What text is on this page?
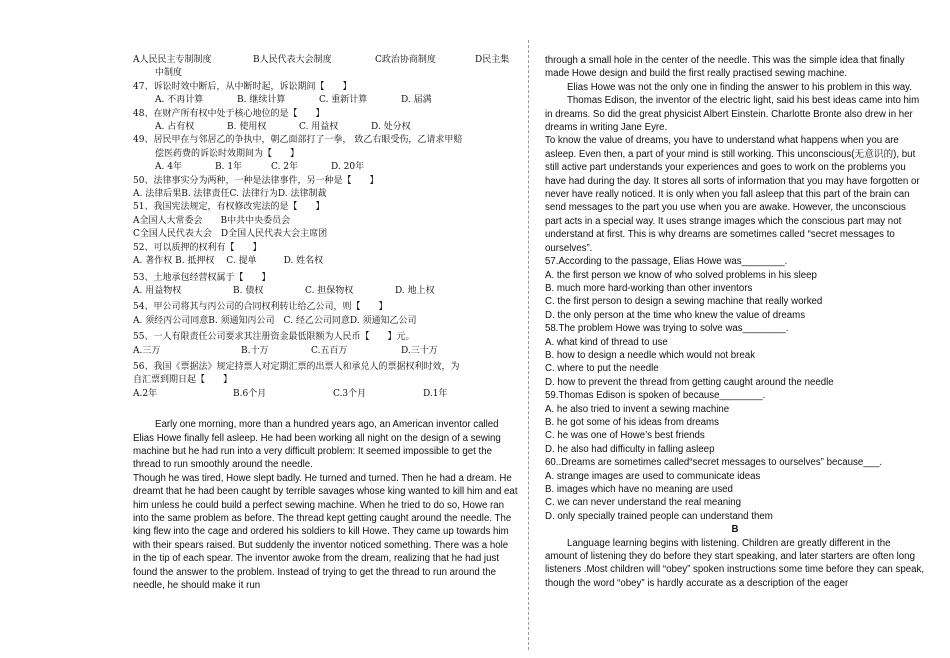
A人民民主专制制度	B人民代表大会制度	C政治协商制度	D民主集
中制度
47、诉讼时效中断后，从中断时起，诉讼期间【　　】
A. 不再计算	B. 继续计算	C. 重新计算	D. 届满
48、在财产所有权中处于核心地位的是【　　】
A. 占有权	B. 使用权	C. 用益权	D. 处分权
49、居民甲在与邻居乙的争执中，朝乙面部打了一拳， 致乙右眼受伤，乙请求甲赔
偿医药费的诉讼时效期间为【　　】
A. 4年	B. 1年	C. 2年	D. 20年
50、法律事实分为两种，一种是法律事件，另一种是【　　】
A. 法律后果B. 法律责任C. 法律行为D. 法律制裁
51、我国宪法规定，有权修改宪法的是【　　】
A全国人大常委会　　B中共中央委员会
C全国人民代表大会　D全国人民代表大会主席团
52、可以质押的权利有【　　】
A. 著作权 B. 抵押权　 C. 提单　　　D. 姓名权
53、土地承包经营权属于【　　】
A. 用益物权	B. 债权	C. 担保物权	D. 地上权
54、甲公司将其与丙公司的合同权利转让给乙公司，则【　　】
A. 须经丙公司同意B. 须通知丙公司　C. 经乙公司同意D. 须通知乙公司
55、一人有限责任公司要求其注册资金最低限额为人民币【　　】元。
A.三万	B.十万	C.五百万	D.三十万
56、我国《票据法》规定持票人对定期汇票的出票人和承兑人的票据权利时效，为
自汇票到期日起【　　】
A.2年	B.6个月	C.3个月	D.1年
Early one morning, more than a hundred years ago, an American inventor called Elias Howe finally fell asleep. He had been working all night on the design of a sewing machine but he had run into a very difficult problem: It seemed impossible to get the thread to run smoothly around the needle.
Though he was tired, Howe slept badly. He turned and turned. Then he had a dream. He dreamt that he had been caught by terrible savages whose king wanted to kill him and eat him unless he could build a perfect sewing machine. When he tried to do so, Howe ran into the same problem as before. The thread kept getting caught around the needle. The king flew into the cage and ordered his soldiers to kill Howe. They came up towards him with their spears raised. But suddenly the inventor noticed something. There was a hole in the tip of each spear. The inventor awoke from the dream, realizing that he had just found the answer to the problem. Instead of trying to get the thread to run around the needle, he should make it run
through a small hole in the center of the needle. This was the simple idea that finally made Howe design and build the first really practised sewing machine.
Elias Howe was not the only one in finding the answer to his problem in this way.
Thomas Edison, the inventor of the electric light, said his best ideas came into him in dreams. So did the great physicist Albert Einstein. Charlotte Bronte also drew in her dreams in writing Jane Eyre.
To know the value of dreams, you have to understand what happens when you are asleep. Even then, a part of your mind is still working. This unconscious(无意识的), but still active part understands your experiences and goes to work on the problems you have had during the day. It stores all sorts of information that you may have forgotten or never have really noticed. It is only when you fall asleep that this part of the brain can send messages to the part you use when you are awake. However, the unconscious part acts in a special way. It uses strange images which the conscious part may not understand at first. This is why dreams are sometimes called “secret messages to ourselves”.
57.According to the passage, Elias Howe was________.
A. the first person we know of who solved problems in his sleep
B. much more hard-working than other inventors
C. the first person to design a sewing machine that really worked
D. the only person at the time who knew the value of dreams
58.The problem Howe was trying to solve was________.
A. what kind of thread to use
B. how to design a needle which would not break
C. where to put the needle
D. how to prevent the thread from getting caught around the needle
59.Thomas Edison is spoken of because________.
A. he also tried to invent a sewing machine
B. he got some of his ideas from dreams
C. he was one of Howe’s best friends
D. he also had difficulty in falling asleep
60..Dreams are sometimes called“secret messages to ourselves” because___.
A. strange images are used to communicate ideas
B. images which have no meaning are used
C. we can never understand the real meaning
D. only specially trained people can understand them
B
Language learning begins with listening. Children are greatly different in the amount of listening they do before they start speaking, and later starters are often long listeners .Most children will “obey” spoken instructions some time before they can speak, though the word “obey” is hardly accurate as a description of the eager
